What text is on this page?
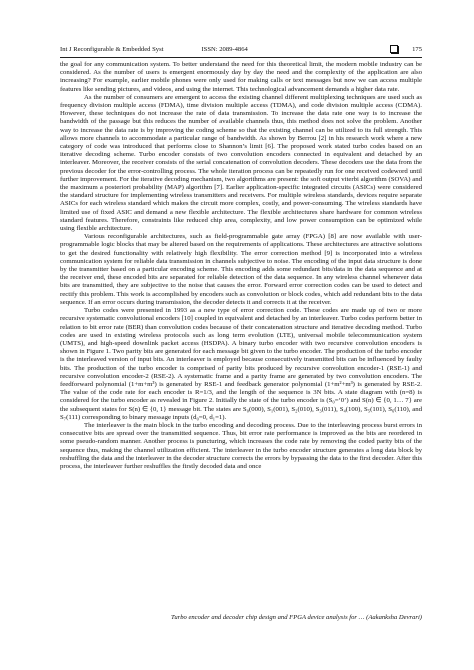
Int J Reconfigurable & Embedded Syst	ISSN: 2089-4864	175

the goal for any communication system. To better understand the need for this theoretical limit, the modern mobile industry can be considered. As the number of users is emergent enormously day by day the need and the complexity of the application are also increasing? For example, earlier mobile phones were only used for making calls or text messages but now we can access multiple features like sending pictures, and videos, and using the internet. This technological advancement demands a higher data rate.

As the number of consumers are emergent to access the existing channel different multiplexing techniques are used such as frequency division multiple access (FDMA), time division multiple access (TDMA), and code division multiple access (CDMA). However, these techniques do not increase the rate of data transmission. To increase the data rate one way is to increase the bandwidth of the passage but this reduces the number of available channels thus, this method does not solve the problem. Another way to increase the data rate is by improving the coding scheme so that the existing channel can be utilized to its full strength. This allows more channels to accommodate a particular range of bandwidth. As shown by Berrou [2] in his research work where a new category of code was introduced that performs close to Shannon’s limit [6]. The proposed work stated turbo codes based on an iterative decoding scheme. Turbo encoder consists of two convolution encoders connected in equivalent and detached by an interleaver. Moreover, the receiver consists of the serial concatenation of convolution decoders. These decoders use the data from the previous decoder for the error-controlling process. The whole iteration process can be repeatedly run for one received codeword until further improvement. For the iterative decoding mechanism, two algorithms are present: the soft output viterbi algorithm (SOVA) and the maximum a posteriori probability (MAP) algorithm [7]. Earlier application-specific integrated circuits (ASICs) were considered the standard structure for implementing wireless transmitters and receivers. For multiple wireless standards, devices require separate ASICs for each wireless standard which makes the circuit more complex, costly, and power-consuming. The wireless standards have limited use of fixed ASIC and demand a new flexible architecture. The flexible architectures share hardware for common wireless standard features. Therefore, constraints like reduced chip area, complexity, and low power consumption can be optimized while using flexible architecture.

Various reconfigurable architectures, such as field-programmable gate array (FPGA) [8] are now available with user-programmable logic blocks that may be altered based on the requirements of applications. These architectures are attractive solutions to get the desired functionality with relatively high flexibility. The error correction method [9] is incorporated into a wireless communication system for reliable data transmission in channels subjective to noise. The encoding of the input data structure is done by the transmitter based on a particular encoding scheme. This encoding adds some redundant bits/data in the data sequence and at the receiver end, these encoded bits are separated for reliable detection of the data sequence. In any wireless channel whenever data bits are transmitted, they are subjective to the noise that causes the error. Forward error correction codes can be used to detect and rectify this problem. This work is accomplished by encoders such as convolution or block codes, which add redundant bits to the data sequence. If an error occurs during transmission, the decoder detects it and corrects it at the receiver.

Turbo codes were presented in 1993 as a new type of error correction code. These codes are made up of two or more recursive systematic convolutional encoders [10] coupled in equivalent and detached by an interleaver. Turbo codes perform better in relation to bit error rate (BER) than convolution codes because of their concatenation structure and iterative decoding method. Turbo codes are used in existing wireless protocols such as long term evolution (LTE), universal mobile telecommunication system (UMTS), and high-speed downlink packet access (HSDPA). A binary turbo encoder with two recursive convolution encoders is shown in Figure 1. Two parity bits are generated for each message bit given to the turbo encoder. The production of the turbo encoder is the interleaved version of input bits. An interleaver is employed because consecutively transmitted bits can be influenced by faulty bits. The production of the turbo encoder is comprised of parity bits produced by recursive convolution encoder-1 (RSE-1) and recursive convolution encoder-2 (RSE-2). A systematic frame and a parity frame are generated by two convolution encoders. The feedforward polynomial (1+m+m³) is generated by RSE-1 and feedback generator polynomial (1+m²+m³) is generated by RSE-2. The value of the code rate for each encoder is R=1/3, and the length of the sequence is 3N bits. A state diagram with (n=8) is considered for the turbo encoder as revealed in Figure 2. Initially the state of the turbo encoder is (S₀=‘0’) and S(n) ∈ {0, 1… 7} are the subsequent states for S(n) ∈ {0, 1} message bit. The states are S₀(000), S₁(001), S₂(010), S₃(011), S₄(100), S₅(101), S₆(110), and S₇(111) corresponding to binary message inputs (d₀=0, d₁=1).

The interleaver is the main block in the turbo encoding and decoding process. Due to the interleaving process burst errors in consecutive bits are spread over the transmitted sequence. Thus, bit error rate performance is improved as the bits are reordered in some pseudo-random manner. Another process is puncturing, which increases the code rate by removing the coded parity bits of the sequence thus, making the channel utilization efficient. The interleaver in the turbo encoder structure generates a long data block by reshuffling the data and the interleaver in the decoder structure corrects the errors by bypassing the data to the first decoder. After this process, the interleaver further reshuffles the firstly decoded data and once

Turbo encoder and decoder chip design and FPGA device analysis for … (Aakanksha Devrari)
